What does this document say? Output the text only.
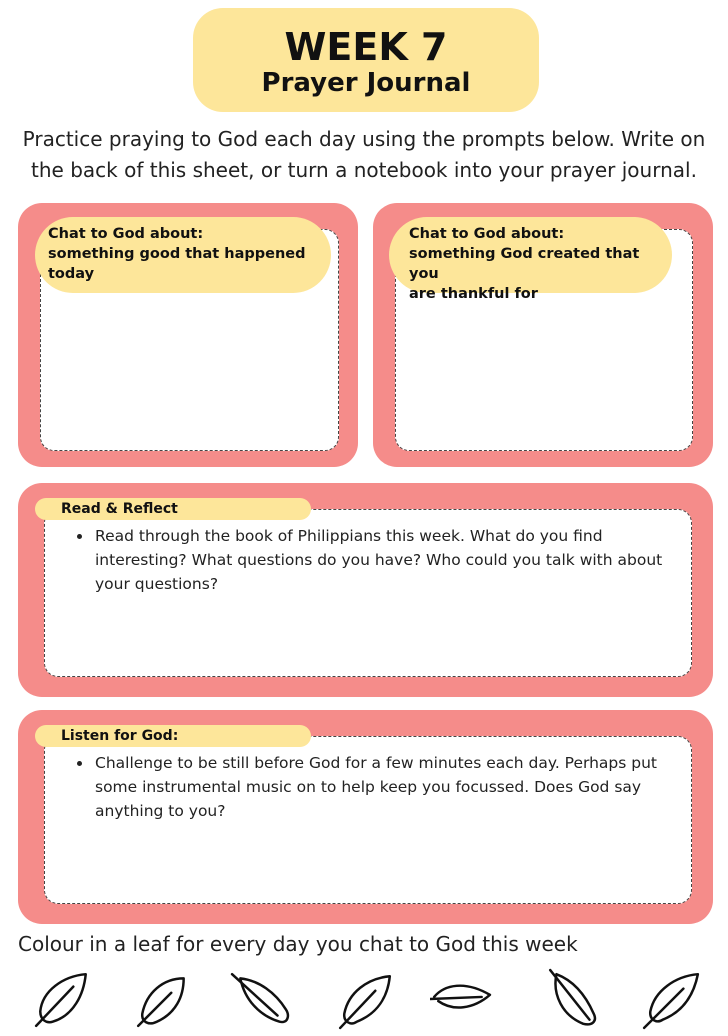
WEEK 7
Prayer Journal
Practice praying to God each day using the prompts below. Write on
the back of this sheet, or turn a notebook into your prayer journal.
Chat to God about:
something good that happened
today
Chat to God about:
something God created that you
are thankful for
Read & Reflect
• Read through the book of Philippians this week. What do you find interesting? What questions do you have? Who could you talk with about your questions?
Listen for God:
• Challenge to be still before God for a few minutes each day. Perhaps put some instrumental music on to help keep you focussed. Does God say anything to you?
Colour in a leaf for every day you chat to God this week
